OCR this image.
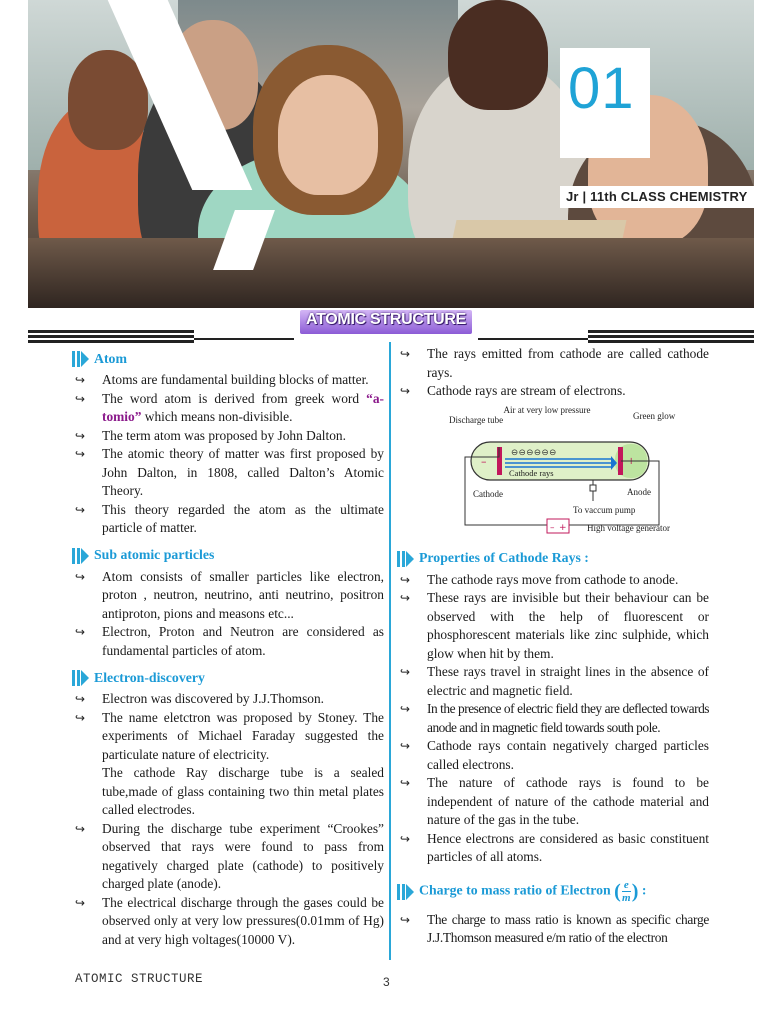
01
Jr | 11th CLASS CHEMISTRY
ATOMIC STRUCTURE
Atom
↪	Atoms are fundamental building blocks of matter.
↪	The word atom is derived from greek word “a-tomio” which means non-divisible.
↪	The term atom was proposed by John Dalton.
↪	The atomic theory of matter was first proposed by John Dalton, in 1808, called Dalton’s Atomic Theory.
↪	This theory regarded the atom as the ultimate particle of matter.
Sub atomic particles
↪	Atom consists of smaller particles like electron, proton , neutron, neutrino, anti neutrino, positron antiproton, pions and measons etc...
↪	Electron, Proton and Neutron are considered as fundamental particles of atom.
Electron-discovery
↪	Electron was discovered by J.J.Thomson.
↪	The name eletctron was proposed by Stoney. The experiments of Michael Faraday suggested the particulate nature of electricity.
The cathode Ray discharge tube is a sealed tube,made of glass containing two thin metal plates called electrodes.
↪	During the discharge tube experiment “Crookes” observed that rays were found to pass from negatively charged plate (cathode) to positively charged plate (anode).
↪	The electrical discharge through the gases could be observed only at very low pressures(0.01mm of Hg) and at very high voltages(10000 V).
↪	The rays emitted from cathode are called cathode rays.
↪	Cathode rays are stream of electrons.
Discharge tube
Air at very low pressure
Green glow
–	+
⊖⊖⊖⊖⊖⊖
Cathode rays
To vaccum pump
Cathode	Anode
– + High voltage generator
Properties of Cathode Rays :
↪	The cathode rays move from cathode to anode.
↪	These rays are invisible but their behaviour can be observed with the help of fluorescent or phosphorescent materials like zinc sulphide, which glow when hit by them.
↪	These rays travel in straight lines in the absence of electric and magnetic field.
↪	In the presence of electric field they are deflected towards anode and in magnetic field towards south pole.
↪	Cathode rays contain negatively charged particles called electrons.
↪	The nature of cathode rays is found to be independent of nature of the cathode material and nature of the gas in the tube.
↪	Hence electrons are considered as basic constituent particles of all atoms.
Charge to mass ratio of Electron ( $\frac{e}{m}$ ) :
↪	The charge to mass ratio is known as specific charge J.J.Thomson measured e/m ratio of the electron
ATOMIC STRUCTURE	3
